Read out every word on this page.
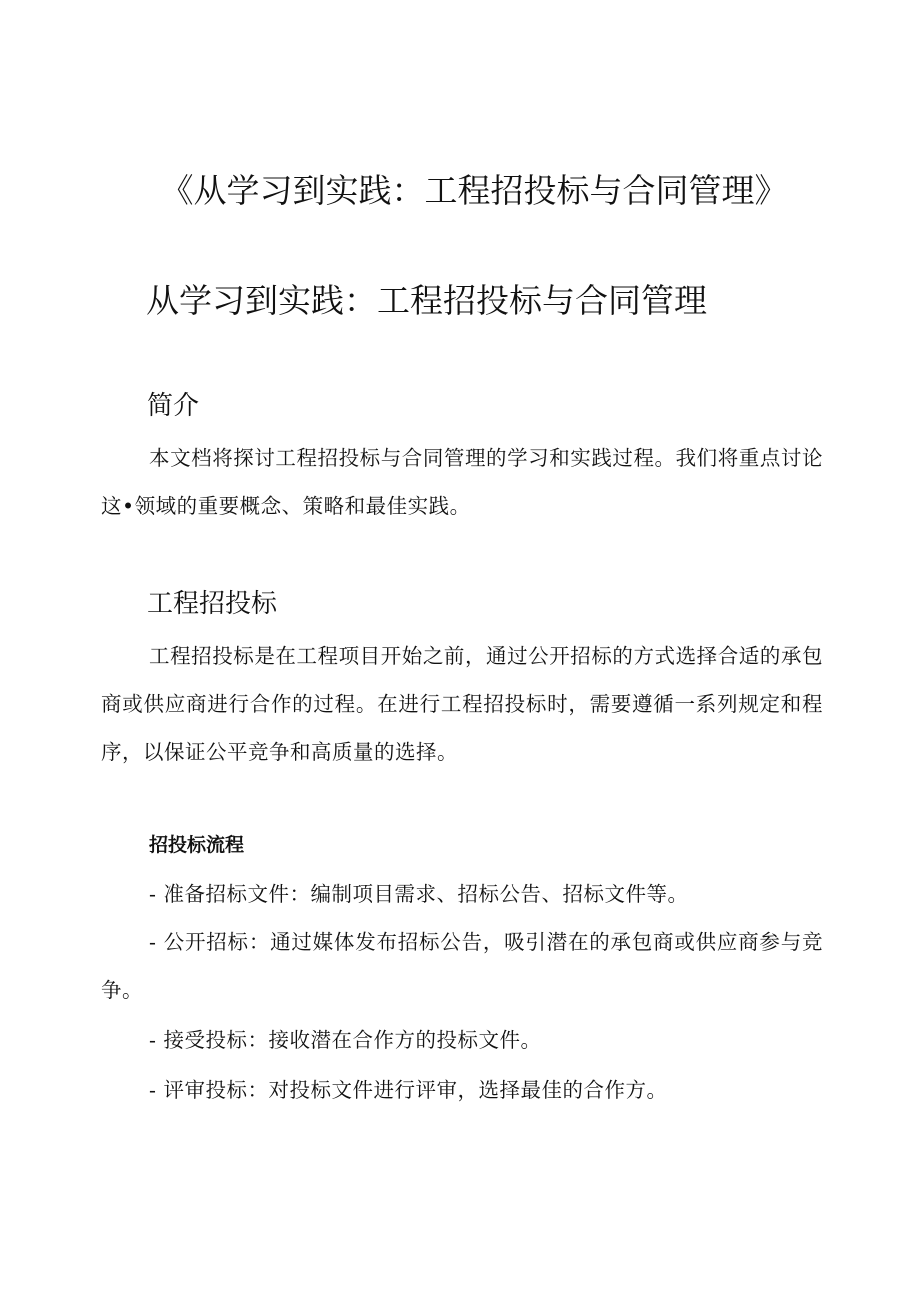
《从学习到实践：工程招投标与合同管理》
从学习到实践：工程招投标与合同管理
简介

本文档将探讨工程招投标与合同管理的学习和实践过程。我们将重点讨论这•领域的重要概念、策略和最佳实践。

工程招投标

工程招投标是在工程项目开始之前，通过公开招标的方式选择合适的承包商或供应商进行合作的过程。在进行工程招投标时，需要遵循一系列规定和程序，以保证公平竞争和高质量的选择。

招投标流程

- 准备招标文件：编制项目需求、招标公告、招标文件等。

- 公开招标：通过媒体发布招标公告，吸引潜在的承包商或供应商参与竞争。

- 接受投标：接收潜在合作方的投标文件。

- 评审投标：对投标文件进行评审，选择最佳的合作方。
